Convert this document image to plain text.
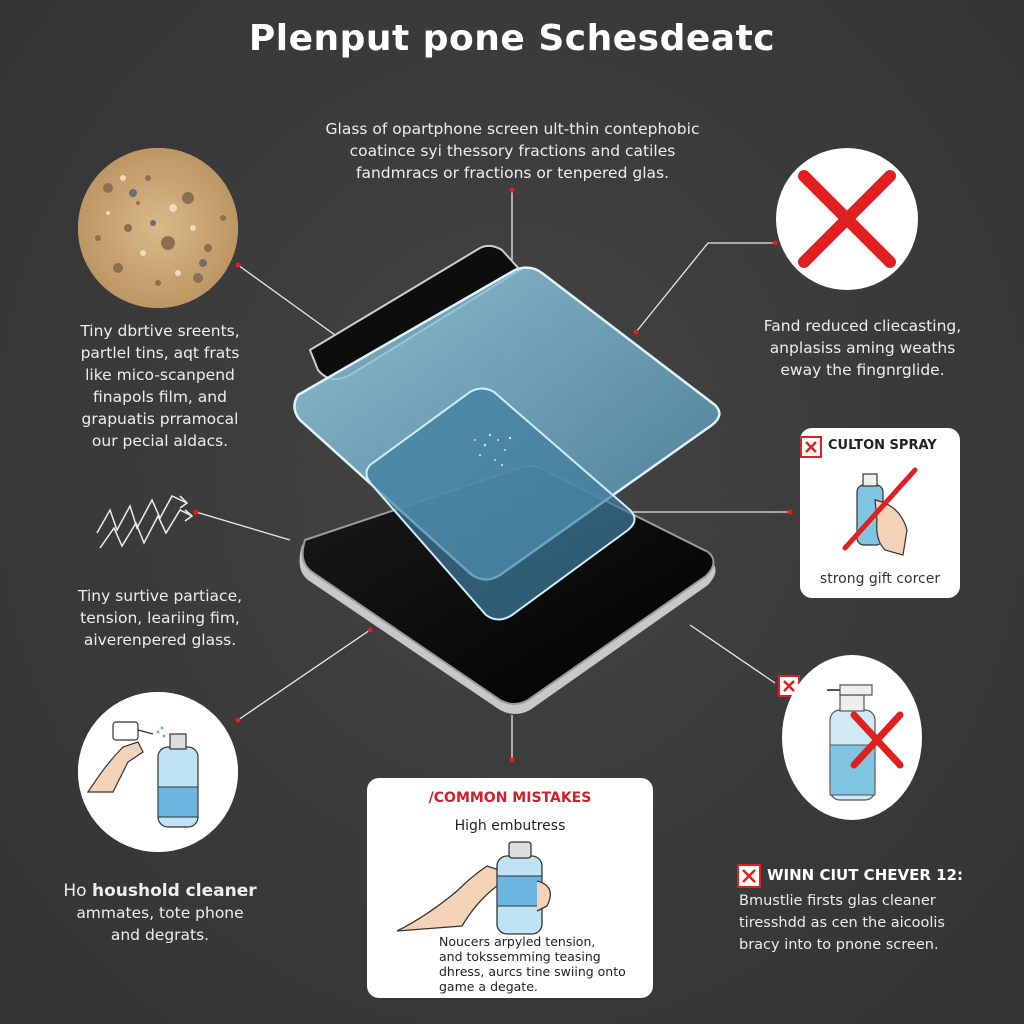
Plenput pone Schesdeatc
Glass of opartphone screen ult-thin contephobic
coatince syi thessory fractions and catiles
fandmracs or fractions or tenpered glas.
Tiny dbrtive sreents,
partlel tins, aqt frats
like mico-scanpend
finapols film, and
grapuatis prramocal
our pecial aldacs.
Tiny surtive partiace,
tension, leariing fim,
aiverenpered glass.
Ho houshold cleaner
ammates, tote phone
and degrats.
Fand reduced cliecasting,
anplasiss aming weaths
eway the fingnrglide.
CULTON SPRAY
strong gift corcer
WINN CIUT CHEVER 12:
Bmustlie firsts glas cleaner
tiresshdd as cen the aicoolis
bracy into to pnone screen.
/COMMON MISTAKES
High embutress
Noucers arpyled tension,
and tokssemming teasing
dhress, aurcs tine swiing onto
game a degate.
